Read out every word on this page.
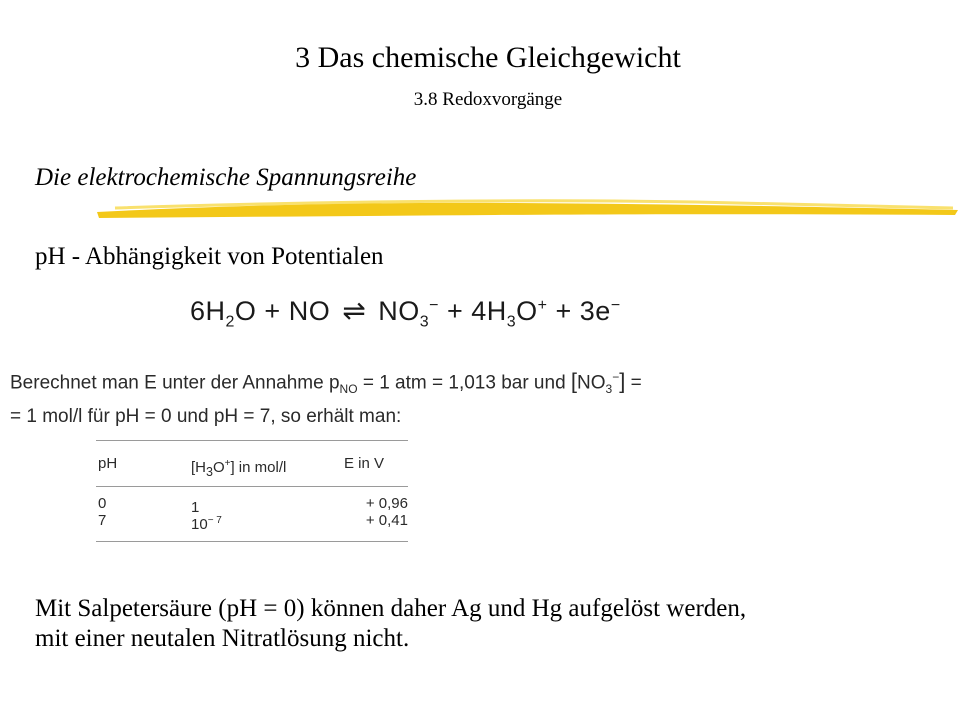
3 Das chemische Gleichgewicht
3.8 Redoxvorgänge
Die elektrochemische Spannungsreihe
pH - Abhängigkeit von Potentialen
$6H_2O$ + NO ⇌ $NO_3^- + 4H_3O^+ + 3e^-$
Berechnet man E unter der Annahme $p_{NO} = 1$ atm = 1,013 bar und $[NO_3^-]$ =
= 1 mol/l für pH = 0 und pH = 7, so erhält man:
pH	$[H_3O^+]$ in mol/l	E in V
0	1	+ 0,96
7	$10^{- 7}$	+ 0,41
Mit Salpetersäure (pH = 0) können daher Ag und Hg aufgelöst werden,
mit einer neutalen Nitratlösung nicht.
